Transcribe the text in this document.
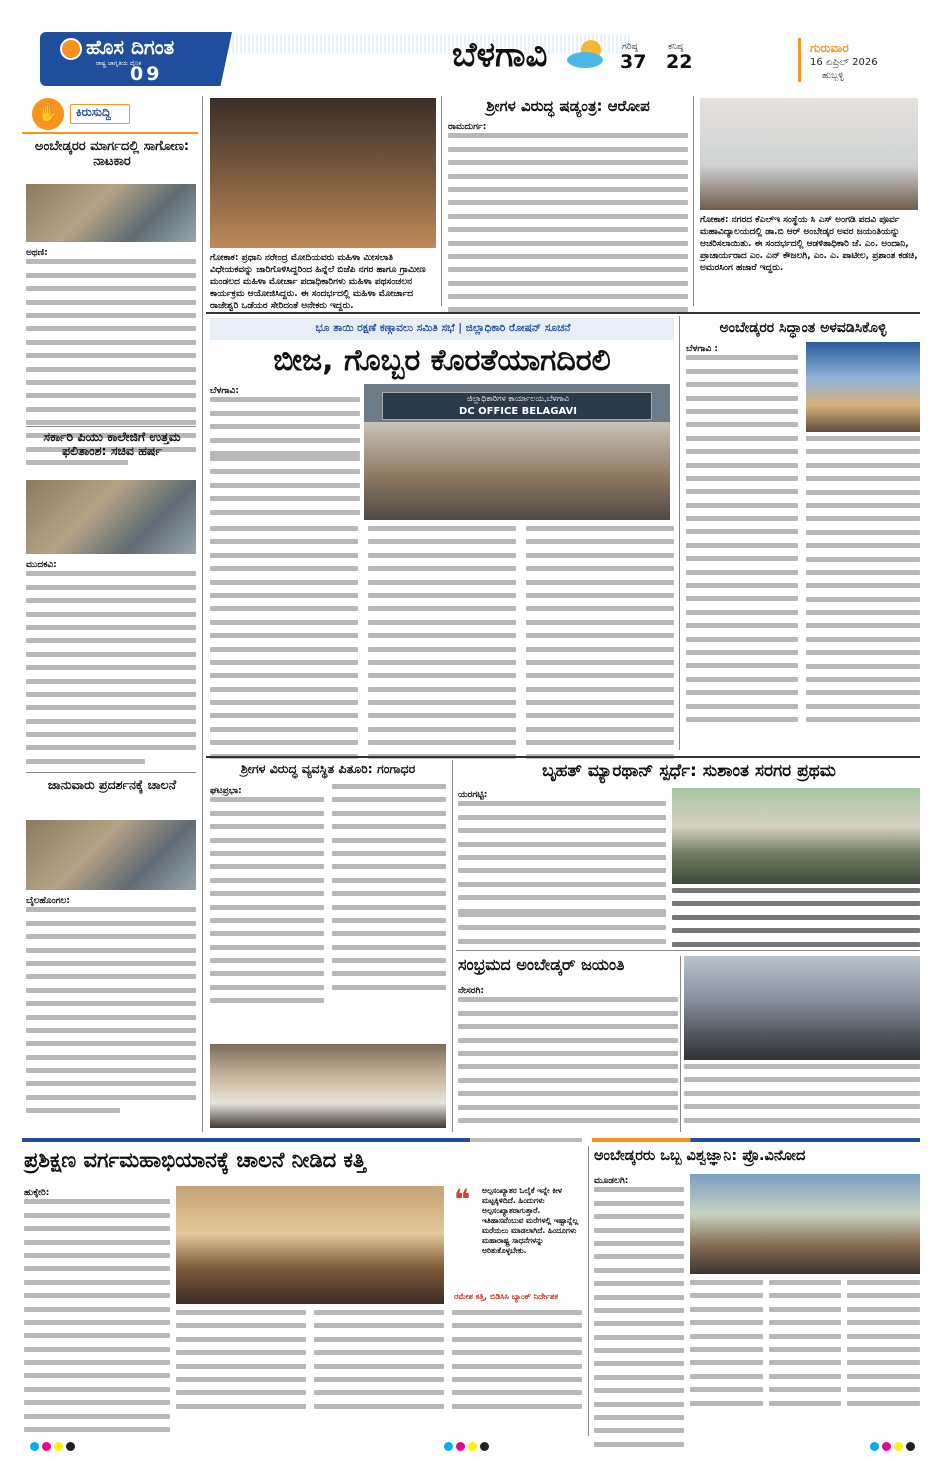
ಹೊಸ ದಿಗಂತ
ರಾಷ್ಟ್ರ ಜಾಗೃತಿಯ ದೈನಿಕ
09	ಬೆಳಗಾವಿ	ಗರಿಷ್ಠ
37
ಕನಿಷ್ಠ
22
ಗುರುವಾರ
16 ಏಪ್ರಿಲ್ 2026
ಹುಬ್ಬಳ್ಳಿ
✋	ಕಿರುಸುದ್ದಿ
ಅಂಬೇಡ್ಕರರ ಮಾರ್ಗದಲ್ಲಿ ಸಾಗೋಣ: ನಾಟಕಾರ
ಅಥಣಿ:
ಸರ್ಕಾರಿ ಪಿಯು ಕಾಲೇಜಿಗೆ ಉತ್ತಮ ಫಲಿತಾಂಶ: ಸಚಿವ ಹರ್ಷ
ಮುದಕವಿ:
ಜಾನುವಾರು ಪ್ರದರ್ಶನಕ್ಕೆ ಚಾಲನೆ
ಬೈಲಹೊಂಗಲ:
ಗೋಕಾಕ: ಪ್ರಧಾನಿ ನರೇಂದ್ರ ಮೋದಿಯವರು ಮಹಿಳಾ ಮೀಸಲಾತಿ ವಿಧೇಯಕವನ್ನು ಜಾರಿಗೊಳಿಸಿದ್ದರಿಂದ ಹಿನ್ನೆಲೆ ಬಿಜೆಪಿ ನಗರ ಹಾಗೂ ಗ್ರಾಮೀಣ ಮಂಡಲದ ಮಹಿಳಾ ಮೋರ್ಚಾ ಪದಾಧಿಕಾರಿಗಳು ಮಹಿಳಾ ಪಥಸಂಚಲನ ಕಾರ್ಯಕ್ರಮ ಆಯೋಜಿಸಿದ್ದರು. ಈ ಸಂದರ್ಭದಲ್ಲಿ ಮಹಿಳಾ ಮೋರ್ಚಾದ ರಾಜೇಶ್ವರಿ ಒಡೆಯರ ಸೇರಿದಂತೆ ಅನೇಕರು ಇದ್ದರು.
ಶ್ರೀಗಳ ವಿರುದ್ಧ ಷಡ್ಯಂತ್ರ: ಆರೋಪ
ರಾಮದುರ್ಗ:
ಗೋಕಾಕ: ನಗರದ ಕೆಎಲ್ಇ ಸಂಸ್ಥೆಯ ಸಿ ಎಸ್ ಅಂಗಡಿ ಪದವಿ ಪೂರ್ವ ಮಹಾವಿದ್ಯಾಲಯದಲ್ಲಿ ಡಾ.ಬಿ ಆರ್ ಅಂಬೇಡ್ಕರ ಅವರ ಜಯಂತಿಯನ್ನು ಆಚರಿಸಲಾಯಿತು. ಈ ಸಂದರ್ಭದಲ್ಲಿ ಆಡಳಿತಾಧಿಕಾರಿ ಜೆ. ಎಂ. ಅಂದಾನಿ, ಪ್ರಾಚಾರ್ಯರಾದ ಎಂ. ಎನ್ ಕೌಜಲಗಿ, ಎಂ. ಎ. ಪಾಟೀಲ, ಪ್ರಶಾಂತ ಕಡಚಿ, ಅಮರಸಿಂಗ ಹಜಾರೆ ಇದ್ದರು.
ಭೂ ತಾಯಿ ರಕ್ಷಣೆ ಕಣ್ಗಾವಲು ಸಮಿತಿ ಸಭೆ | ಜಿಲ್ಲಾಧಿಕಾರಿ ರೋಷನ್ ಸೂಚನೆ
ಬೀಜ, ಗೊಬ್ಬರ ಕೊರತೆಯಾಗದಿರಲಿ
ಬೆಳಗಾವಿ:
ಜಿಲ್ಲಾಧಿಕಾರಿಗಳ ಕಾರ್ಯಾಲಯ,ಬೆಳಗಾವಿ
DC OFFICE BELAGAVI
ಅಂಬೇಡ್ಕರರ ಸಿದ್ಧಾಂತ ಅಳವಡಿಸಿಕೊಳ್ಳಿ
ಬೆಳಗಾವಿ :
ಶ್ರೀಗಳ ವಿರುದ್ಧ ವ್ಯವಸ್ಥಿತ ಪಿತೂರಿ: ಗಂಗಾಧರ
ಘಟಪ್ರಭಾ:
ಬೃಹತ್ ಮ್ಯಾರಥಾನ್ ಸ್ಪರ್ಧೆ: ಸುಶಾಂತ ಸರಗರ ಪ್ರಥಮ
ಯರಗಟ್ಟಿ:
ಸಂಭ್ರಮದ ಅಂಬೇಡ್ಕರ್ ಜಯಂತಿ
ನೇಸರಗಿ:
ಪ್ರಶಿಕ್ಷಣ ವರ್ಗಮಹಾಭಿಯಾನಕ್ಕೆ ಚಾಲನೆ ನೀಡಿದ ಕತ್ತಿ
ಹುಕ್ಕೇರಿ:	❝ ಅಲ್ಪಸಂಖ್ಯಾತರ ಓಲೈಕೆ ಇನ್ನೇ ಕೀಳ ಮಟ್ಟಕ್ಕಿಳಿದಿದೆ. ಹಿಂದುಗಳು ಅಲ್ಪಸಂಖ್ಯಾತರಾಗುತ್ತಾರೆ. ಇತಿಹಾಸವೆಂಬುವ ಮರೆಗಳಲ್ಲಿ ಇಷ್ಟಾನ್ನೆಲ್ಲ ಮರೆಯಲು ಮಾಡಲಾಗಿದೆ. ಹಿಂದೂಗಳು ಮಹಾರಾಷ್ಟ್ರ ಸಾಧನೆಗಳನ್ನು ಅರಿತುಕೊಳ್ಳಬೇಕು.
ರಮೇಶ ಕತ್ತಿ, ಬಿಡಿಸಿಸಿ ಬ್ಯಾಂಕ್ ನಿರ್ದೇಶಕ
ಅಂಬೇಡ್ಕರರು ಒಬ್ಬ ವಿಶ್ವಜ್ಞಾನಿ: ಪ್ರೊ.ವಿನೋದ
ಮೂಡಲಗಿ:
